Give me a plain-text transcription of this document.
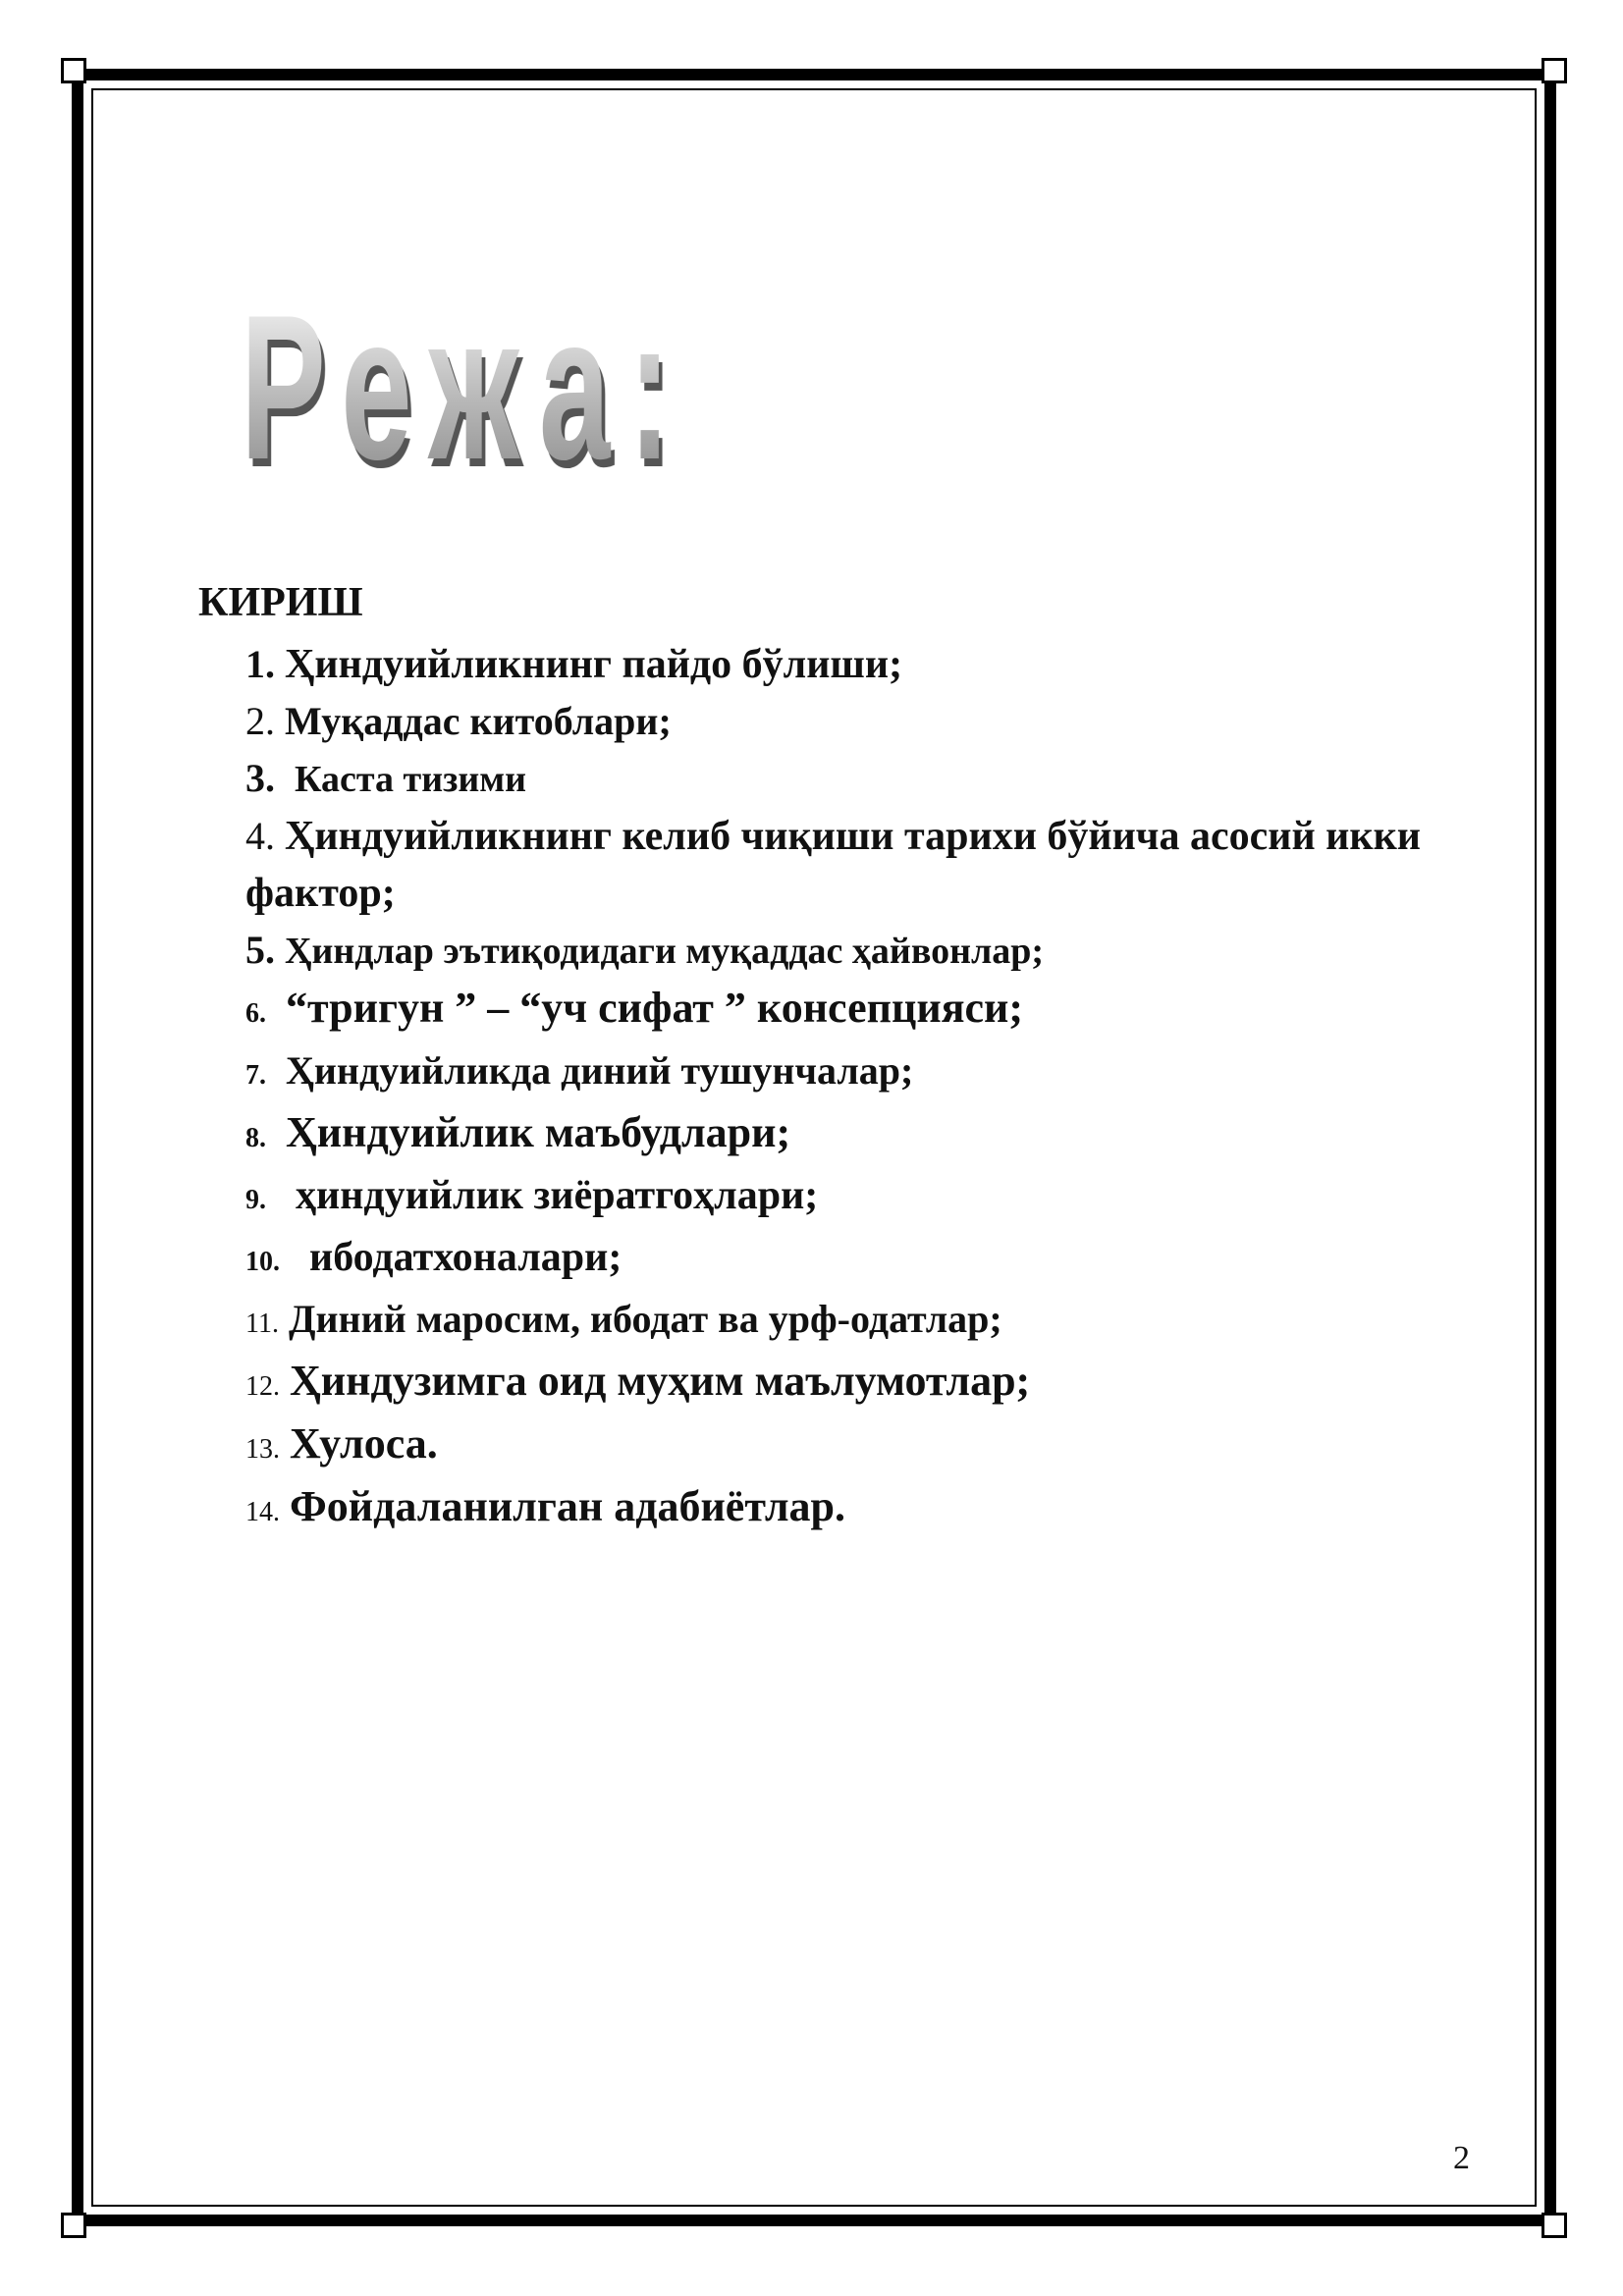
Режа:
КИРИШ
1. Ҳиндуийликнинг пайдо бўлиши;
2. Муқаддас китоблари;
3. Каста тизими
4. Ҳиндуийликнинг келиб чиқиши тарихи бўйича асосий икки фактор;
5. Ҳиндлар эътиқодидаги муқаддас ҳайвонлар;
6. “тригун ” – “уч сифат ” консепцияси;
7. Ҳиндуийликда диний тушунчалар;
8. Ҳиндуийлик маъбудлари;
9. ҳиндуийлик зиёратгоҳлари;
10. ибодатхоналари;
11. Диний маросим, ибодат ва урф-одатлар;
12. Ҳиндузимга оид муҳим маълумотлар;
13. Хулоса.
14. Фойдаланилган адабиётлар.
2
